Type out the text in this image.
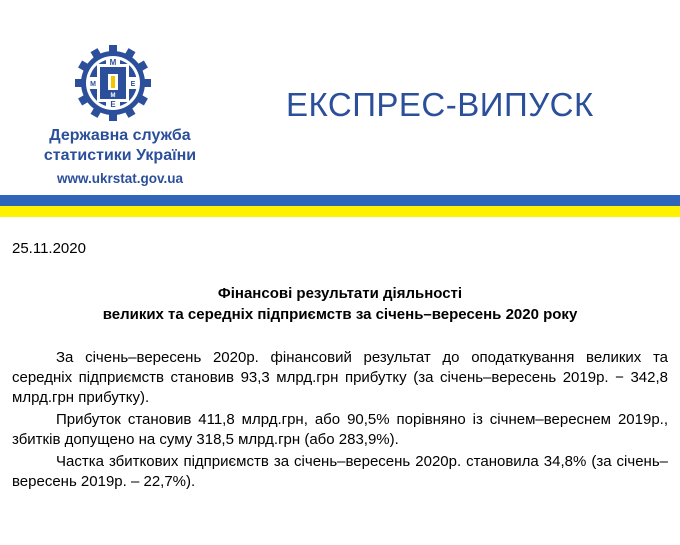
М
Е
М	Е
М
Державна служба
статистики України
www.ukrstat.gov.ua
ЕКСПРЕС-ВИПУСК
25.11.2020
Фінансові результати діяльності
великих та середніх підприємств за січень–вересень 2020 року

За січень–вересень 2020р. фінансовий результат до оподаткування великих та середніх підприємств становив 93,3 млрд.грн прибутку (за січень–вересень 2019р. − 342,8 млрд.грн прибутку).

Прибуток становив 411,8 млрд.грн, або 90,5% порівняно із січнем–вереснем 2019р., збитків допущено на суму 318,5 млрд.грн (або 283,9%).

Частка збиткових підприємств за січень–вересень 2020р. становила 34,8% (за січень–вересень 2019р. – 22,7%).
